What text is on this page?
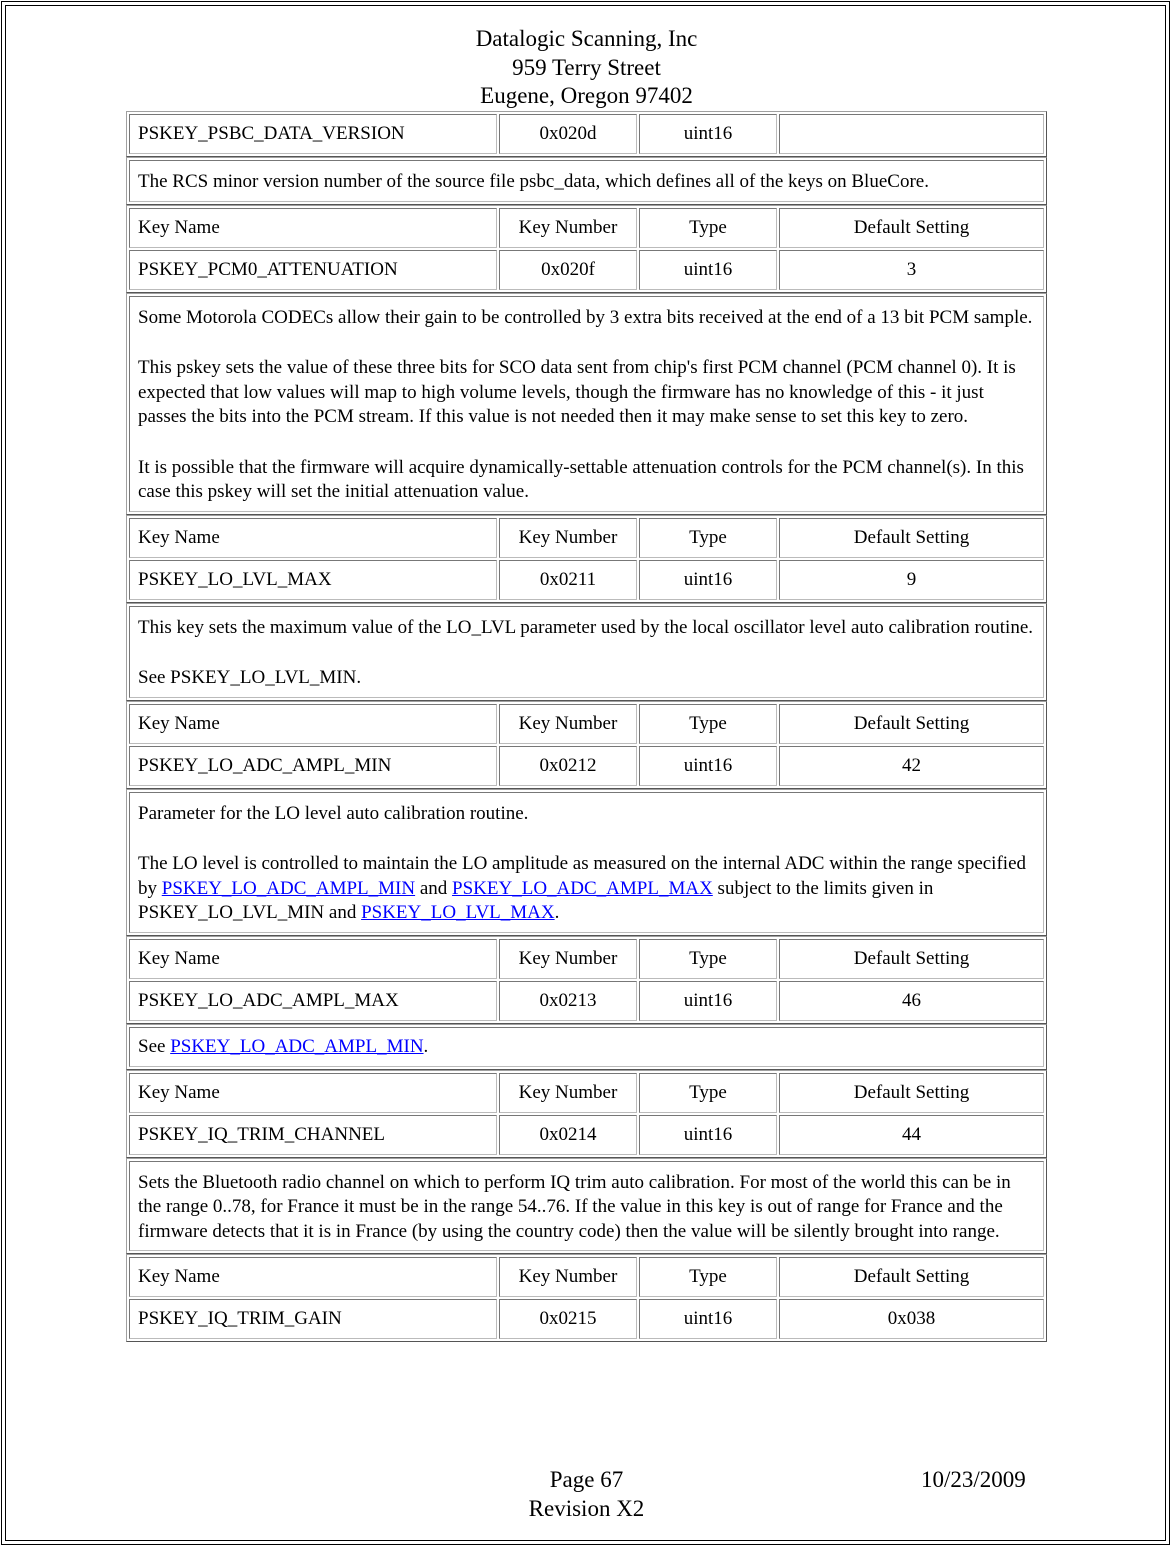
Datalogic Scanning, Inc
959 Terry Street
Eugene, Oregon 97402
PSKEY_PSBC_DATA_VERSION	0x020d	uint16	

The RCS minor version number of the source file psbc_data, which defines all of the keys on BlueCore.

Key Name	Key Number	Type	Default Setting
PSKEY_PCM0_ATTENUATION	0x020f	uint16	3

Some Motorola CODECs allow their gain to be controlled by 3 extra bits received at the end of a 13 bit PCM sample.

This pskey sets the value of these three bits for SCO data sent from chip's first PCM channel (PCM channel 0). It is expected that low values will map to high volume levels, though the firmware has no knowledge of this - it just passes the bits into the PCM stream. If this value is not needed then it may make sense to set this key to zero.

It is possible that the firmware will acquire dynamically-settable attenuation controls for the PCM channel(s). In this case this pskey will set the initial attenuation value.

Key Name	Key Number	Type	Default Setting
PSKEY_LO_LVL_MAX	0x0211	uint16	9

This key sets the maximum value of the LO_LVL parameter used by the local oscillator level auto calibration routine.

See PSKEY_LO_LVL_MIN.

Key Name	Key Number	Type	Default Setting
PSKEY_LO_ADC_AMPL_MIN	0x0212	uint16	42

Parameter for the LO level auto calibration routine.

The LO level is controlled to maintain the LO amplitude as measured on the internal ADC within the range specified by PSKEY_LO_ADC_AMPL_MIN and PSKEY_LO_ADC_AMPL_MAX subject to the limits given in PSKEY_LO_LVL_MIN and PSKEY_LO_LVL_MAX.

Key Name	Key Number	Type	Default Setting
PSKEY_LO_ADC_AMPL_MAX	0x0213	uint16	46
See PSKEY_LO_ADC_AMPL_MIN.
Key Name	Key Number	Type	Default Setting
PSKEY_IQ_TRIM_CHANNEL	0x0214	uint16	44

Sets the Bluetooth radio channel on which to perform IQ trim auto calibration. For most of the world this can be in the range 0..78, for France it must be in the range 54..76. If the value in this key is out of range for France and the firmware detects that it is in France (by using the country code) then the value will be silently brought into range.

Key Name	Key Number	Type	Default Setting
PSKEY_IQ_TRIM_GAIN	0x0215	uint16	0x038
Page 67	10/23/2009
Revision X2
